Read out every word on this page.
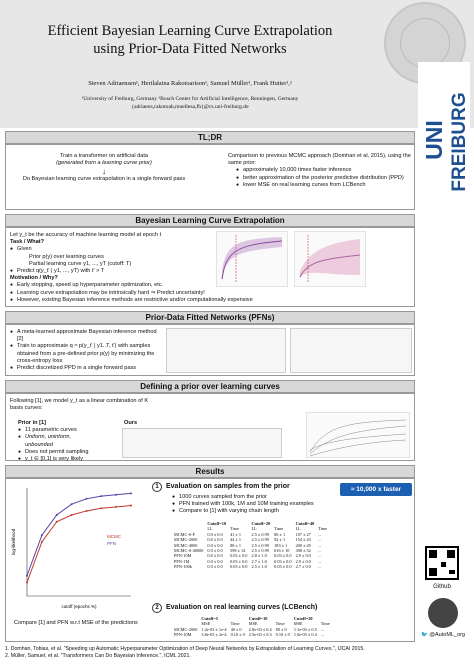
Efficient Bayesian Learning Curve Extrapolation using Prior-Data Fitted Networks
Steven Adriaensen¹, Herilalaina Rakotoarison¹, Samuel Müller¹, Frank Hutter¹,²
¹University of Freiburg, Germany ²Bosch Center for Artificial Intelligence, Renningen, Germany
{adriaens,rakotoah,muellesa,fh}@cs.uni-freiburg.de
UNI FREIBURG
TL;DR
Train a transformer on artificial data
(generated from a learning curve prior)
↓
Do Bayesian learning curve extrapolation in a single forward pass
Comparison to previous MCMC approach (Domhan et al, 2015), using the same prior:
● approximately 10,000 times faster inference
● better approximation of the posterior predictive distribution (PPD)
● lower MSE on real learning curves from LCBench
Bayesian Learning Curve Extrapolation
Let y_t be the accuracy of machine learning model at epoch t
Task / What?
● Given
Prior p(y) over learning curves
Partial learning curve y1, ..., yT (cutoff: T)
● Predict q(y_t' | y1, ..., yT) with t' > T
Motivation / Why?
● Early stopping, speed up hyperparameter optimization, etc.
● Learning curve extrapolation may be intrinsically hard ⇒ Predict uncertainty!
● However, existing Bayesian inference methods are restrictive and/or computationally expensive
Prior-Data Fitted Networks (PFNs)
● A meta-learned approximate Bayesian inference method [2]
● Train to approximate q ≈ p(y_t' | y1..T, t') with samples obtained from a pre-defined prior p(y) by minimizing the cross-entropy loss
● Predict discretized PPD in a single forward pass
Defining a prior over learning curves
Following [1], we model y_t as a linear combination of K basis curves:
Prior in [1]
● 11 parametric curves
● Uniform, uninform, unbounded
● Does not permit sampling
● y_t ∈ [0,1] is very likely
Ours
Results
MCMC
PFN
cutoff (epochs %)
log-likelihood
Compare [1] and PFN w.r.t MSE of the predictions
1 Evaluation on samples from the prior
● 1000 curves sampled from the prior
● PFN trained with 100k, 1M and 10M training examples
● Compare to [1] with varying chain length
≈ 10,000 x faster
	Cutoff=10		Cutoff=20		Cutoff=40	
	LL	Time	LL	Time	LL	Time
MCMC-S-F	0.0 ± 0.0	41 ± 1	2.5 ± 0.99	80 ± 1	107 ± 27	...
MCMC-2000	0.0 ± 0.0	44 ± 1	2.5 ± 0.99	92 ± 1	154 ± 43	...
MCMC-4000	0.0 ± 0.0	88 ± 1	2.5 ± 0.99	183 ± 1	200 ± 45	...
MCMC-S-40000	0.0 ± 0.0	598 ± 14	2.5 ± 0.99	616 ± 10	308 ± 52	...
PFN-10M	0.0 ± 0.0	0.03 ± 0.0	2.8 ± 1.0	0.03 ± 0.0	2.9 ± 0.0	...
PFN-1M	0.0 ± 0.0	0.03 ± 0.0	2.7 ± 1.0	0.03 ± 0.0	2.9 ± 0.0	...
PFN-100k	0.0 ± 0.0	0.03 ± 0.0	2.5 ± 1.0	0.03 ± 0.0	2.7 ± 0.0	...
2 Evaluation on real learning curves (LCBench)
	Cutoff=5		Cutoff=10		Cutoff=20	
	MSE	Time	MSE	Time	MSE	Time
MCMC-2000	1.2e-03 ± 1e-4	40 ± 0	2.8e-03 ± 0.4	80 ± 0	1.1e-03 ± 0.5	...
PFN-10M	3.8e-03 ± 2e-4	0.10 ± 0	2.5e-03 ± 0.3	0.10 ± 0	1.0e-03 ± 0.4	...
1. Domhan, Tobias, et al. "Speeding up Automatic Hyperparameter Optimization of Deep Neural Networks by Extrapolation of Learning Curves.", IJCAI 2015.
2. Müller, Samuel, et al. "Transformers Can Do Bayesian Inference.", ICML 2021.
Github
🐦 @AutoML_org
